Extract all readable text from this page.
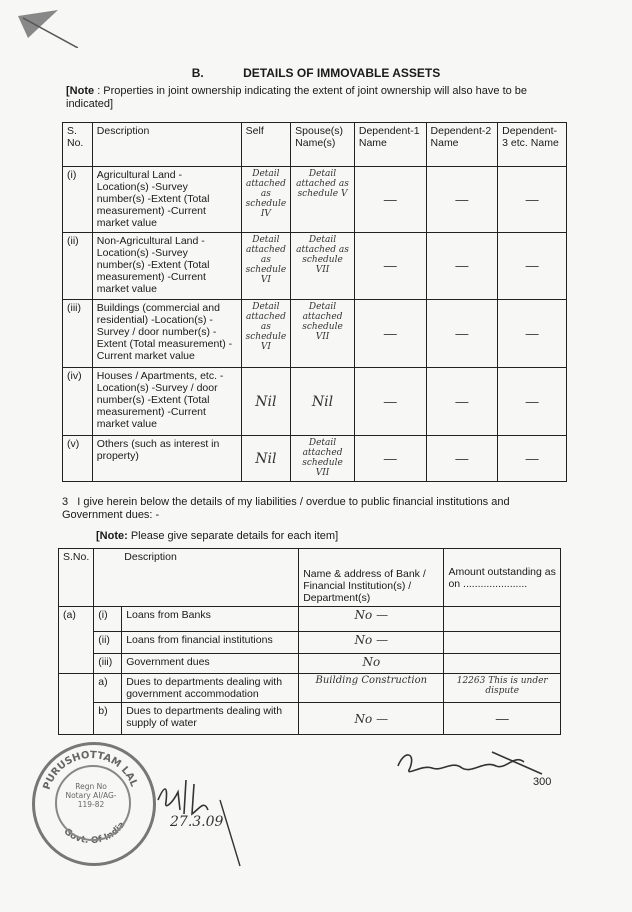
B.	DETAILS OF IMMOVABLE ASSETS
[Note : Properties in joint ownership indicating the extent of joint ownership will also have to be indicated]
S. No.	Description	Self	Spouse(s) Name(s)	Dependent-1 Name	Dependent-2 Name	Dependent-3 etc. Name
(i)	Agricultural Land - Location(s) -Survey number(s) -Extent (Total measurement) -Current market value	Detail attached as schedule IV	Detail attached as schedule V	—	—	—
(ii)	Non-Agricultural Land - Location(s) -Survey number(s) -Extent (Total measurement) -Current market value	Detail attached as schedule VI	Detail attached as schedule VII	—	—	—
(iii)	Buildings (commercial and residential) -Location(s) - Survey / door number(s) - Extent (Total measurement) -Current market value	Detail attached as schedule VI	Detail attached schedule VII	—	—	—
(iv)	Houses / Apartments, etc. - Location(s) -Survey / door number(s) -Extent (Total measurement) -Current market value	Nil	Nil	—	—	—
(v)	Others (such as interest in property)	Nil	Detail attached schedule VII	—	—	—
3 I give herein below the details of my liabilities / overdue to public financial institutions and Government dues: -
[Note: Please give separate details for each item]
S.No.	Description		Name & address of Bank / Financial Institution(s) / Department(s)	Amount outstanding as on ......................
(a)	(i)	Loans from Banks	No —	
	(ii)	Loans from financial institutions	No —	
	(iii)	Government dues	No	
	a)	Dues to departments dealing with government accommodation	Building Construction	12263 This is under dispute
	b)	Dues to departments dealing with supply of water	No —	—
PURUSHOTTAM LAL
Govt. Of India
Regn No Notary AI/AG-119-82
27.3.09
300
